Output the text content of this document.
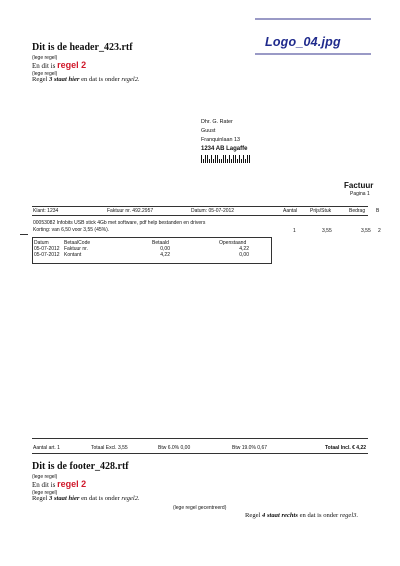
Logo_04.jpg
Dit is de header_423.rtf
(lege regel)
En dit is regel 2
(lege regel)
Regel 3 staat hier en dat is onder regel2.
Dhr. G. Rater
Guust
Franquinlaan 13
1234 AB Lagaffe
Factuur
Pagina 1
Klant: 1234	Faktuur nr. 492.2957	Datum: 05-07-2012	Aantal	Prijs/Stuk	Bedrag B
00053082 Infobits USB stick 4Gb met software, pdf help bestanden en drivers
Korting: van 6,50 voor 3,55 (45%).	1	3,55	3,55 2
Datum	BetaalCode	Betaald	Openstaand
05-07-2012 Faktuur nr.	0,00	4,22
05-07-2012 Kontant	4,22	0,00
Aantal art. 1	Totaal Excl. 3,55	Btw 6.0% 0,00	Btw 19.0% 0,67	Totaal Incl. € 4,22
Dit is de footer_428.rtf
(lege regel)
En dit is regel 2
(lege regel)
Regel 3 staat hier en dat is onder regel2.
(lege regel gecentreerd)
Regel 4 staat rechts en dat is onder regel3.
